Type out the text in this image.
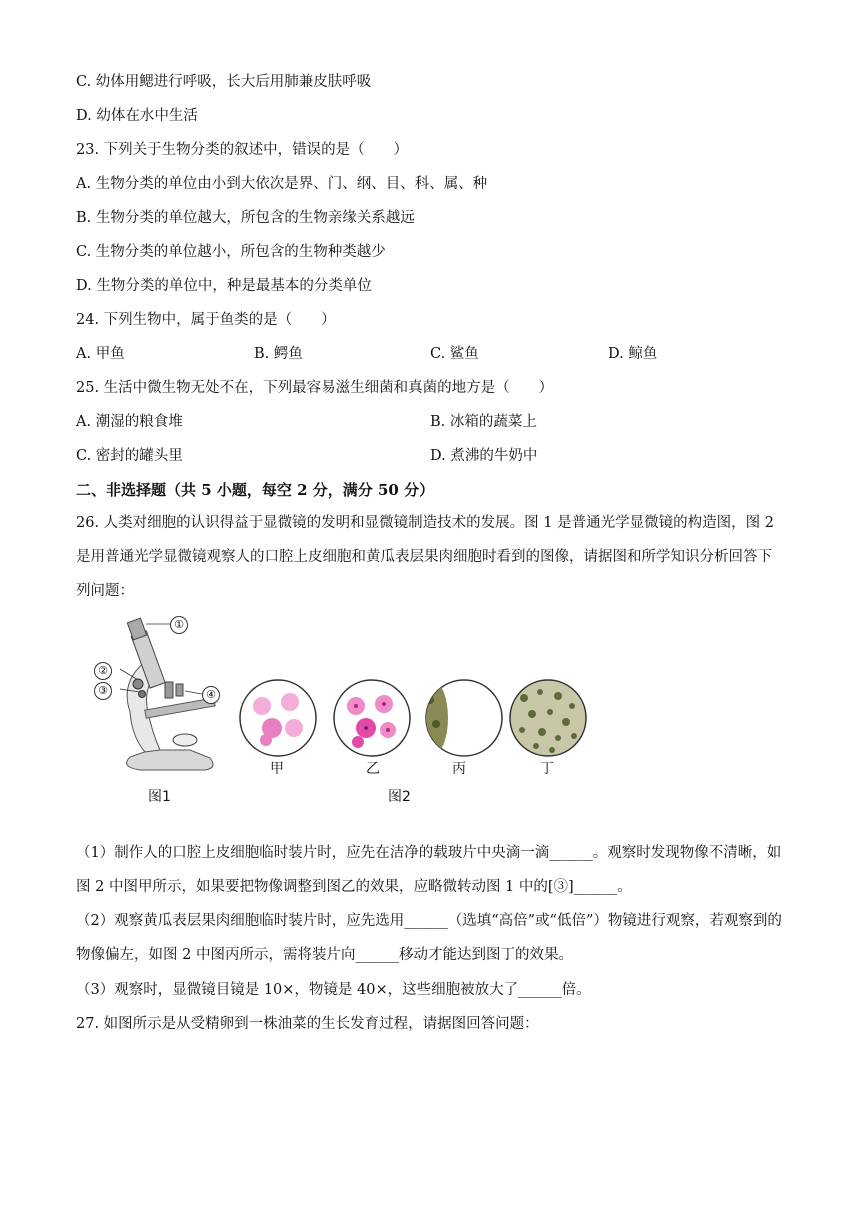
C. 幼体用鳃进行呼吸，长大后用肺兼皮肤呼吸
D. 幼体在水中生活
23. 下列关于生物分类的叙述中，错误的是（　　）
A. 生物分类的单位由小到大依次是界、门、纲、目、科、属、种
B. 生物分类的单位越大，所包含的生物亲缘关系越远
C. 生物分类的单位越小，所包含的生物种类越少
D. 生物分类的单位中，种是最基本的分类单位
24. 下列生物中，属于鱼类的是（　　）
A. 甲鱼	B. 鳄鱼	C. 鲨鱼	D. 鲸鱼
25. 生活中微生物无处不在，下列最容易滋生细菌和真菌的地方是（　　）
A. 潮湿的粮食堆	B. 冰箱的蔬菜上
C. 密封的罐头里	D. 煮沸的牛奶中
二、非选择题（共 5 小题，每空 2 分，满分 50 分）
26. 人类对细胞的认识得益于显微镜的发明和显微镜制造技术的发展。图 1 是普通光学显微镜的构造图，图 2 是用普通光学显微镜观察人的口腔上皮细胞和黄瓜表层果肉细胞时看到的图像，请据图和所学知识分析回答下列问题：
①
②
③	④
甲	乙	丙	丁
图1	图2
（1）制作人的口腔上皮细胞临时装片时，应先在洁净的载玻片中央滴一滴______。观察时发现物像不清晰，如图 2 中图甲所示，如果要把物像调整到图乙的效果，应略微转动图 1 中的[③]______。
（2）观察黄瓜表层果肉细胞临时装片时，应先选用______（选填“高倍”或“低倍”）物镜进行观察，若观察到的物像偏左，如图 2 中图丙所示，需将装片向______移动才能达到图丁的效果。
（3）观察时，显微镜目镜是 10×，物镜是 40×，这些细胞被放大了______倍。
27. 如图所示是从受精卵到一株油菜的生长发育过程，请据图回答问题：
